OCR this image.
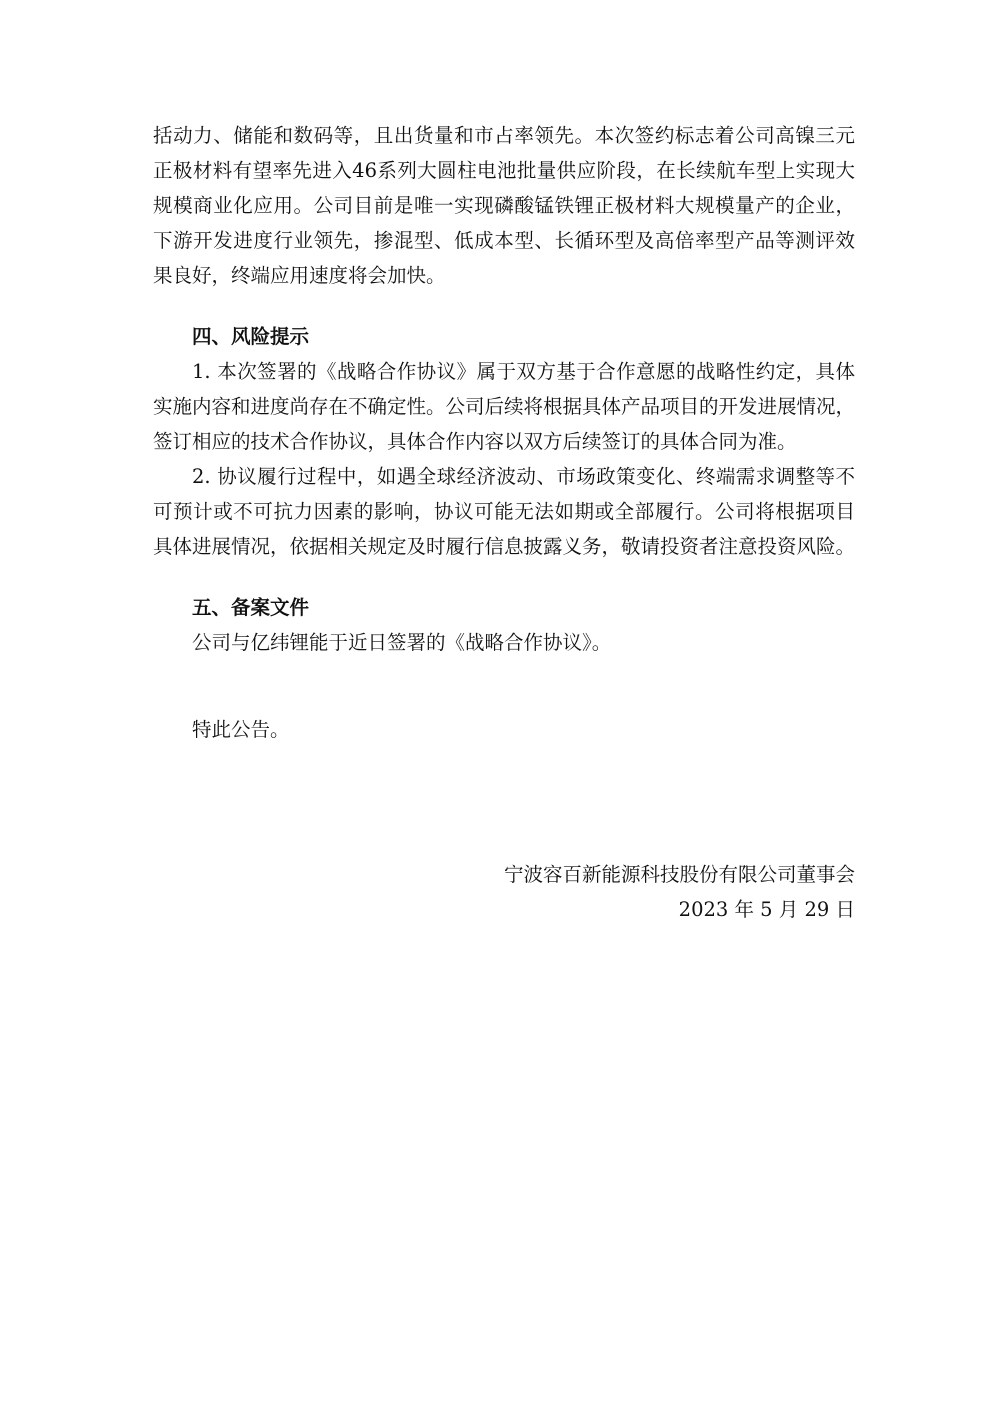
括动力、储能和数码等，且出货量和市占率领先。本次签约标志着公司高镍三元
正极材料有望率先进入46系列大圆柱电池批量供应阶段，在长续航车型上实现大
规模商业化应用。公司目前是唯一实现磷酸锰铁锂正极材料大规模量产的企业，
下游开发进度行业领先，掺混型、低成本型、长循环型及高倍率型产品等测评效
果良好，终端应用速度将会加快。
四、风险提示
1. 本次签署的《战略合作协议》属于双方基于合作意愿的战略性约定，具体
实施内容和进度尚存在不确定性。公司后续将根据具体产品项目的开发进展情况，
签订相应的技术合作协议，具体合作内容以双方后续签订的具体合同为准。
2. 协议履行过程中，如遇全球经济波动、市场政策变化、终端需求调整等不
可预计或不可抗力因素的影响，协议可能无法如期或全部履行。公司将根据项目
具体进展情况，依据相关规定及时履行信息披露义务，敬请投资者注意投资风险。
五、备案文件
公司与亿纬锂能于近日签署的《战略合作协议》。
特此公告。
宁波容百新能源科技股份有限公司董事会
2023 年 5 月 29 日
